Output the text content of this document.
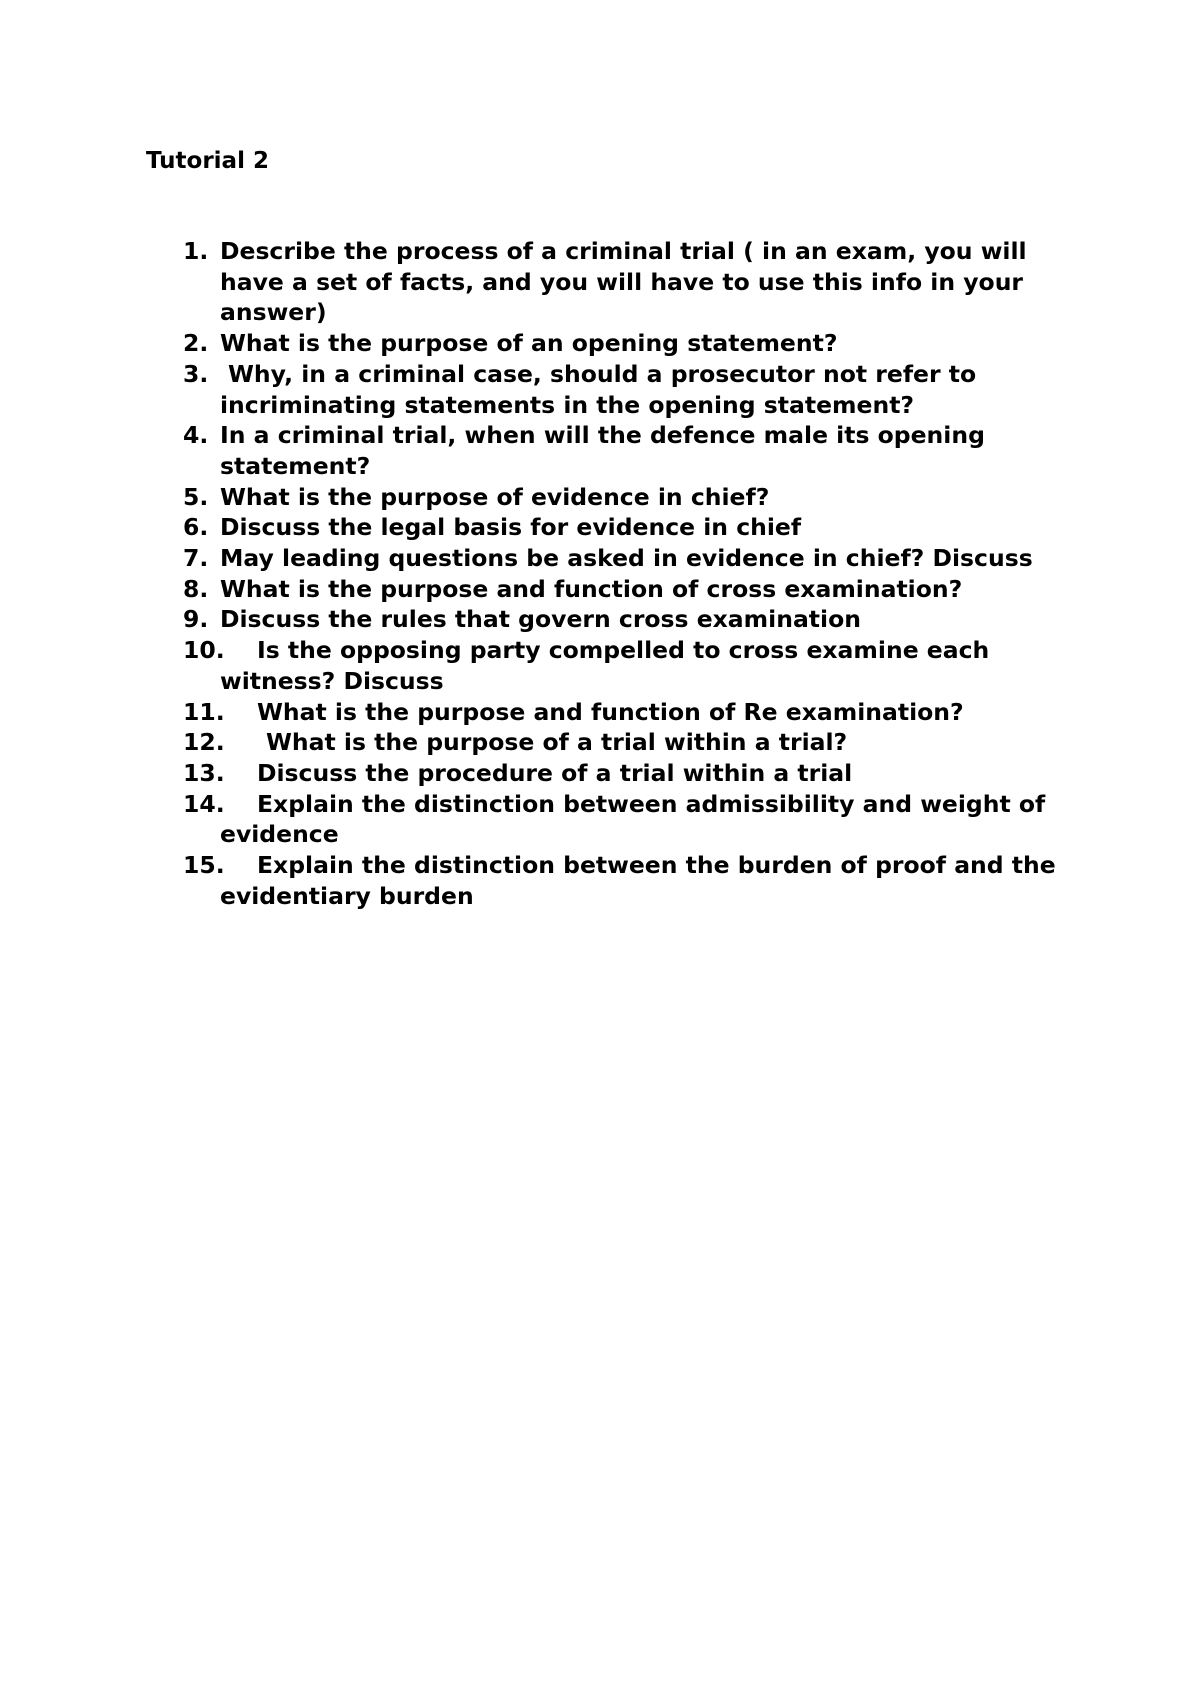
Tutorial 2
1. Describe the process of a criminal trial ( in an exam, you will have a set of facts, and you will have to use this info in your answer)
2. What is the purpose of an opening statement?
3. Why, in a criminal case, should a prosecutor not refer to incriminating statements in the opening statement?
4. In a criminal trial, when will the defence male its opening statement?
5. What is the purpose of evidence in chief?
6. Discuss the legal basis for evidence in chief
7. May leading questions be asked in evidence in chief? Discuss
8. What is the purpose and function of cross examination?
9. Discuss the rules that govern cross examination
10. Is the opposing party compelled to cross examine each witness? Discuss
11. What is the purpose and function of Re examination?
12. What is the purpose of a trial within a trial?
13. Discuss the procedure of a trial within a trial
14. Explain the distinction between admissibility and weight of evidence
15. Explain the distinction between the burden of proof and the evidentiary burden
